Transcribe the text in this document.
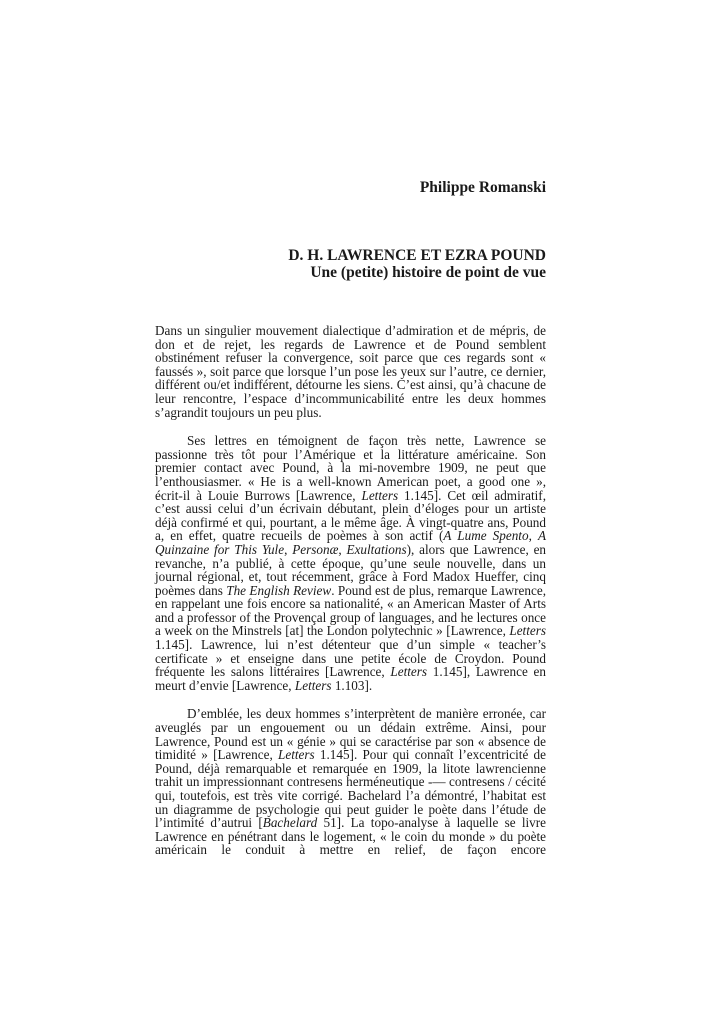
Philippe Romanski
D. H. LAWRENCE ET EZRA POUND
Une (petite) histoire de point de vue

Dans un singulier mouvement dialectique d’admiration et de mépris, de don et de rejet, les regards de Lawrence et de Pound semblent obstinément refuser la convergence, soit parce que ces regards sont « faussés », soit parce que lorsque l’un pose les yeux sur l’autre, ce dernier, différent ou/et indifférent, détourne les siens. C’est ainsi, qu’à chacune de leur rencontre, l’espace d’incommunicabilité entre les deux hommes s’agrandit toujours un peu plus.

Ses lettres en témoignent de façon très nette, Lawrence se passionne très tôt pour l’Amérique et la littérature américaine. Son premier contact avec Pound, à la mi-novembre 1909, ne peut que l’enthousiasmer. « He is a well-known American poet, a good one », écrit-il à Louie Burrows [Lawrence, Letters 1.145]. Cet œil admiratif, c’est aussi celui d’un écrivain débutant, plein d’éloges pour un artiste déjà confirmé et qui, pourtant, a le même âge. À vingt-quatre ans, Pound a, en effet, quatre recueils de poèmes à son actif (A Lume Spento, A Quinzaine for This Yule, Personæ, Exultations), alors que Lawrence, en revanche, n’a publié, à cette époque, qu’une seule nouvelle, dans un journal régional, et, tout récemment, grâce à Ford Madox Hueffer, cinq poèmes dans The English Review. Pound est de plus, remarque Lawrence, en rappelant une fois encore sa nationalité, « an American Master of Arts and a professor of the Provençal group of languages, and he lectures once a week on the Minstrels [at] the London polytechnic » [Lawrence, Letters 1.145]. Lawrence, lui n’est détenteur que d’un simple « teacher’s certificate » et enseigne dans une petite école de Croydon. Pound fréquente les salons littéraires [Lawrence, Letters 1.145], Lawrence en meurt d’envie [Lawrence, Letters 1.103].

D’emblée, les deux hommes s’interprètent de manière erronée, car aveuglés par un engouement ou un dédain extrême. Ainsi, pour Lawrence, Pound est un « génie » qui se caractérise par son « absence de timidité » [Lawrence, Letters 1.145]. Pour qui connaît l’excentricité de Pound, déjà remarquable et remarquée en 1909, la litote lawrencienne trahit un impressionnant contresens herméneutique -— contresens / cécité qui, toutefois, est très vite corrigé. Bachelard l’a démontré, l’habitat est un diagramme de psychologie qui peut guider le poète dans l’étude de l’intimité d’autrui [Bachelard 51]. La topo-analyse à laquelle se livre Lawrence en pénétrant dans le logement, « le coin du monde » du poète américain le conduit à mettre en relief, de façon encore
